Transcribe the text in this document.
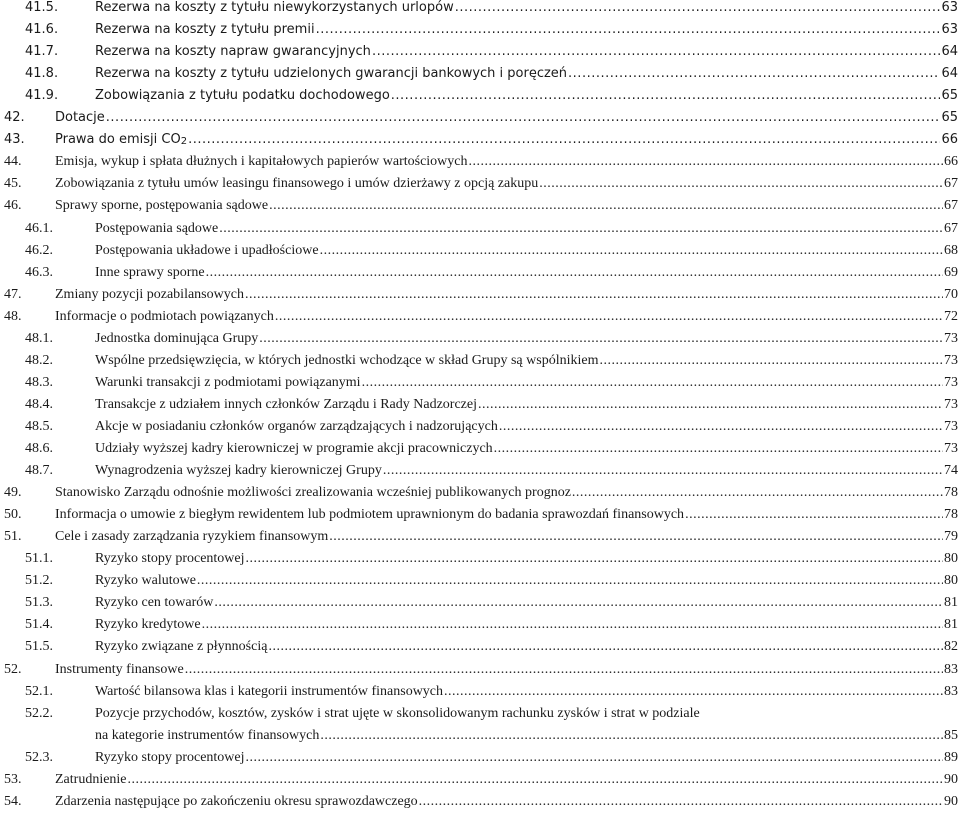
41.5.	Rezerwa na koszty z tytułu niewykorzystanych urlopów .....	63
41.6.	Rezerwa na koszty z tytułu premii .....	63
41.7.	Rezerwa na koszty napraw gwarancyjnych .....	64
41.8.	Rezerwa na koszty z tytułu udzielonych gwarancji bankowych i poręczeń .....	64
41.9.	Zobowiązania z tytułu podatku dochodowego .....	65
42. Dotacje .....	65
43. Prawa do emisji $CO_2$ .....	66
44. Emisja, wykup i spłata dłużnych i kapitałowych papierów wartościowych .....	66
45. Zobowiązania z tytułu umów leasingu finansowego i umów dzierżawy z opcją zakupu .....	67
46. Sprawy sporne, postępowania sądowe .....	67
46.1.	Postępowania sądowe .....	67
46.2.	Postępowania układowe i upadłościowe .....	68
46.3.	Inne sprawy sporne .....	69
47. Zmiany pozycji pozabilansowych .....	70
48. Informacje o podmiotach powiązanych .....	72
48.1.	Jednostka dominująca Grupy .....	73
48.2.	Wspólne przedsięwzięcia, w których jednostki wchodzące w skład Grupy są wspólnikiem .....	73
48.3.	Warunki transakcji z podmiotami powiązanymi .....	73
48.4.	Transakcje z udziałem innych członków Zarządu i Rady Nadzorczej .....	73
48.5.	Akcje w posiadaniu członków organów zarządzających i nadzorujących .....	73
48.6.	Udziały wyższej kadry kierowniczej w programie akcji pracowniczych .....	73
48.7.	Wynagrodzenia wyższej kadry kierowniczej Grupy .....	74
49. Stanowisko Zarządu odnośnie możliwości zrealizowania wcześniej publikowanych prognoz .....	78
50. Informacja o umowie z biegłym rewidentem lub podmiotem uprawnionym do badania sprawozdań finansowych .....	78
51. Cele i zasady zarządzania ryzykiem finansowym .....	79
51.1.	Ryzyko stopy procentowej .....	80
51.2.	Ryzyko walutowe .....	80
51.3.	Ryzyko cen towarów .....	81
51.4.	Ryzyko kredytowe .....	81
51.5.	Ryzyko związane z płynnością .....	82
52. Instrumenty finansowe .....	83
52.1.	Wartość bilansowa klas i kategorii instrumentów finansowych .....	83
52.2.	Pozycje przychodów, kosztów, zysków i strat ujęte w skonsolidowanym rachunku zysków i strat w podziale
na kategorie instrumentów finansowych .....	85
52.3.	Ryzyko stopy procentowej .....	89
53. Zatrudnienie .....	90
54. Zdarzenia następujące po zakończeniu okresu sprawozdawczego .....	90
